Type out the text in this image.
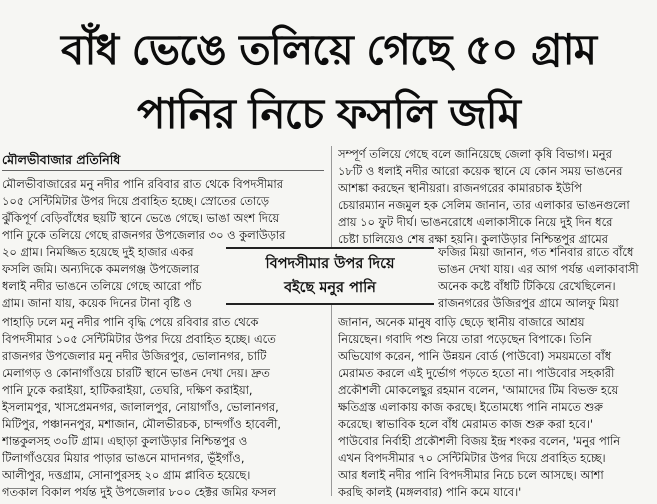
বাঁধ ভেঙে তলিয়ে গেছে ৫০ গ্রাম
পানির নিচে ফসলি জমি
মৌলভীবাজার প্রতিনিধি

মৌলভীবাজারের মনু নদীর পানি রবিবার রাত থেকে বিপদসীমার

১০৫ সেন্টিমিটার উপর দিয়ে প্রবাহিত হচ্ছে। স্রোতের তোড়ে

ঝুঁকিপূর্ণ বেড়িবাঁধের ছয়টি স্থানে ভেঙে গেছে। ভাঙা অংশ দিয়ে

পানি ঢুকে তলিয়ে গেছে রাজনগর উপজেলার ৩০ ও কুলাউড়ার

২০ গ্রাম। নিমজ্জিত হয়েছে দুই হাজার একর

ফসলি জমি। অন্যদিকে কমলগঞ্জ উপজেলার

ধলাই নদীর ভাঙনে তলিয়ে গেছে আরো পাঁচ

গ্রাম। জানা যায়, কয়েক দিনের টানা বৃষ্টি ও

পাহাড়ি ঢলে মনু নদীর পানি বৃদ্ধি পেয়ে রবিবার রাত থেকে

বিপদসীমার ১০৫ সেন্টিমিটার উপর দিয়ে প্রবাহিত হচ্ছে। এতে

রাজনগর উপজেলার মনু নদীর উজিরপুর, ভোলানগর, চাটি

মেলাগড় ও কোনাগাঁওয়ে চারটি স্থানে ভাঙন দেখা দেয়। দ্রুত

পানি ঢুকে করাইয়া, হাটিকরাইয়া, তেঘরি, দক্ষিণ করাইয়া,

ইসলামপুর, খাসপ্রেমনগর, জালালপুর, নোয়াগাঁও, ভোলানগর,

মিটিপুর, পঞ্চাননপুর, মশাজান, মৌলভীরচক, চান্দগাঁও হাবেলী,

শান্তকুলসহ ৩০টি গ্রাম। এছাড়া কুলাউড়ার নিশ্চিন্তপুর ও

টিলাগাঁওয়ের মিয়ার পাড়ার ভাঙনে মাদানগর, ভূঁইগাঁও,

আলীপুর, দত্তগ্রাম, সোনাপুরসহ ২০ গ্রাম প্লাবিত হয়েছে।

গতকাল বিকাল পর্যন্ত দুই উপজেলার ৮০০ হেক্টর জমির ফসল

সম্পূর্ণ তলিয়ে গেছে বলে জানিয়েছে জেলা কৃষি বিভাগ। মনুর

১৮টি ও ধলাই নদীর আরো কয়েক স্থানে যে কোন সময় ভাঙনের

আশঙ্কা করছেন স্থানীয়রা। রাজনগরের কামারচাক ইউপি

চেয়ারম্যান নজমুল হক সেলিম জানান, তার এলাকার ভাঙনগুলো

প্রায় ১০ ফুট দীর্ঘ। ভাঙনরোধে এলাকাসীকে নিয়ে দুই দিন ধরে

চেষ্টা চালিয়েও শেষ রক্ষা হয়নি। কুলাউড়ার নিশ্চিন্তপুর গ্রামের

ফজির মিয়া জানান, গত শনিবার রাতে বাঁধে

ভাঙন দেখা যায়। এর আগ পর্যন্ত এলাকাবাসী

অনেক কষ্টে বাঁধটি টিকিয়ে রেখেছিলেন।

রাজনগরের উজিরপুর গ্রামে আলফু মিয়া

জানান, অনেক মানুষ বাড়ি ছেড়ে স্থানীয় বাজারে আশ্রয়

নিয়েছেন। গবাদি পশু নিয়ে তারা পড়েছেন বিপাকে। তিনি

অভিযোগ করেন, পানি উন্নয়ন বোর্ড (পাউবো) সময়মতো বাঁধ

মেরামত করলে এই দুর্ভোগ পড়তে হতো না। পাউবোর সহকারী

প্রকৌশলী মোকলেছুর রহমান বলেন, 'আমাদের টিম বিভক্ত হয়ে

ক্ষতিগ্রস্ত এলাকায় কাজ করছে। ইতোমধ্যে পানি নামতে শুরু

করেছে। স্বাভাবিক হলে বাঁধ মেরামত কাজ শুরু করা হবে।'

পাউবোর নির্বাহী প্রকৌশলী বিজয় ইন্দ্র শংকর বলেন, 'মনুর পানি

এখন বিপদসীমার ৭০ সেন্টিমিটার উপর দিয়ে প্রবাহিত হচ্ছে।

আর ধলাই নদীর পানি বিপদসীমার নিচে চলে আসছে। আশা

করছি কালই (মঙ্গলবার) পানি কমে যাবে।'

বিপদসীমার উপর দিয়ে
বইছে মনুর পানি
